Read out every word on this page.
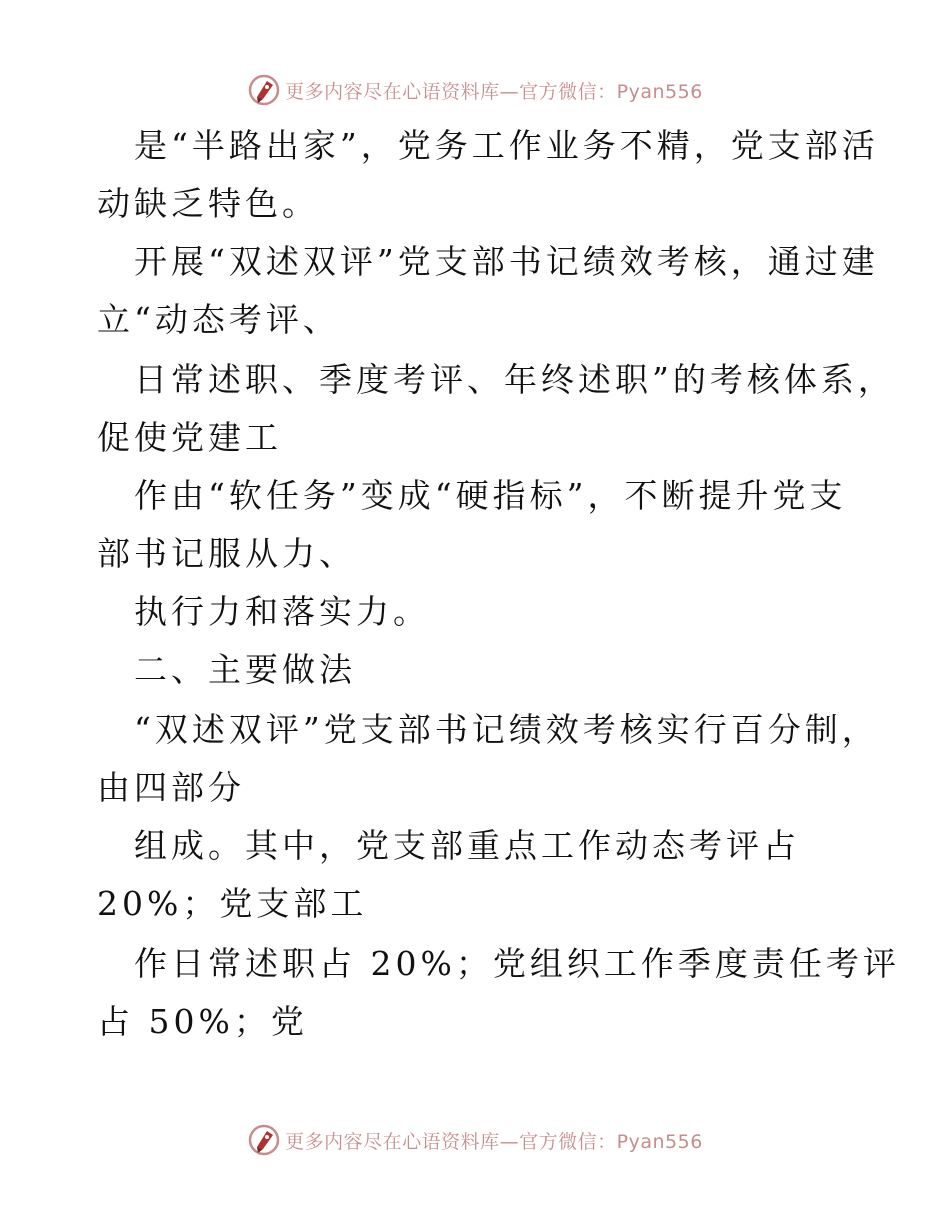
更多内容尽在心语资料库—官方微信：Pyan556
是“半路出家”，党务工作业务不精，党支部活
动缺乏特色。
开展“双述双评”党支部书记绩效考核，通过建
立“动态考评、
日常述职、季度考评、年终述职”的考核体系，
促使党建工
作由“软任务”变成“硬指标”，不断提升党支
部书记服从力、
执行力和落实力。
二、主要做法
“双述双评”党支部书记绩效考核实行百分制，
由四部分
组成。其中，党支部重点工作动态考评占
20%；党支部工
作日常述职占 20%；党组织工作季度责任考评
占 50%；党
更多内容尽在心语资料库—官方微信：Pyan556
